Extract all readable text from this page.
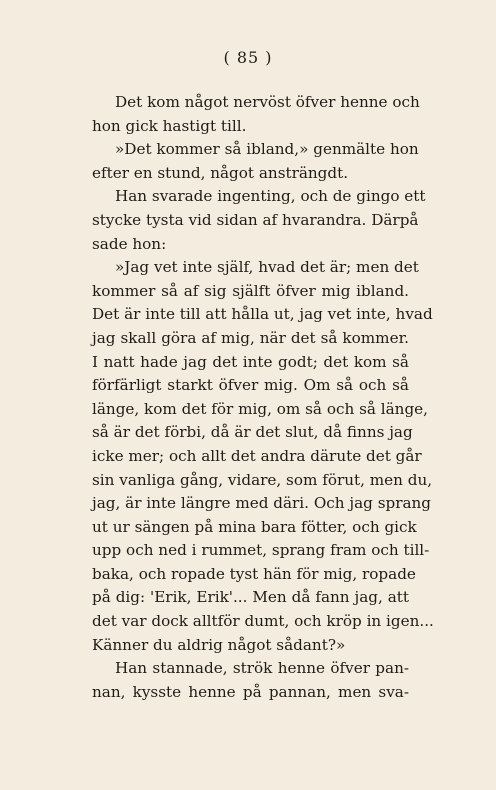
( 85 )
Det kom något nervöst öfver henne och
hon gick hastigt till.
»Det kommer så ibland,» genmälte hon
efter en stund, något ansträngdt.
Han svarade ingenting, och de gingo ett
stycke tysta vid sidan af hvarandra. Därpå
sade hon:
»Jag vet inte själf, hvad det är; men det
kommer så af sig själft öfver mig ibland.
Det är inte till att hålla ut, jag vet inte, hvad
jag skall göra af mig, när det så kommer.
I natt hade jag det inte godt; det kom så
förfärligt starkt öfver mig. Om så och så
länge, kom det för mig, om så och så länge,
så är det förbi, då är det slut, då finns jag
icke mer; och allt det andra därute det går
sin vanliga gång, vidare, som förut, men du,
jag, är inte längre med däri. Och jag sprang
ut ur sängen på mina bara fötter, och gick
upp och ned i rummet, sprang fram och till-
baka, och ropade tyst hän för mig, ropade
på dig: 'Erik, Erik'... Men då fann jag, att
det var dock alltför dumt, och kröp in igen...
Känner du aldrig något sådant?»
Han stannade, strök henne öfver pan-
nan, kysste henne på pannan, men sva-
